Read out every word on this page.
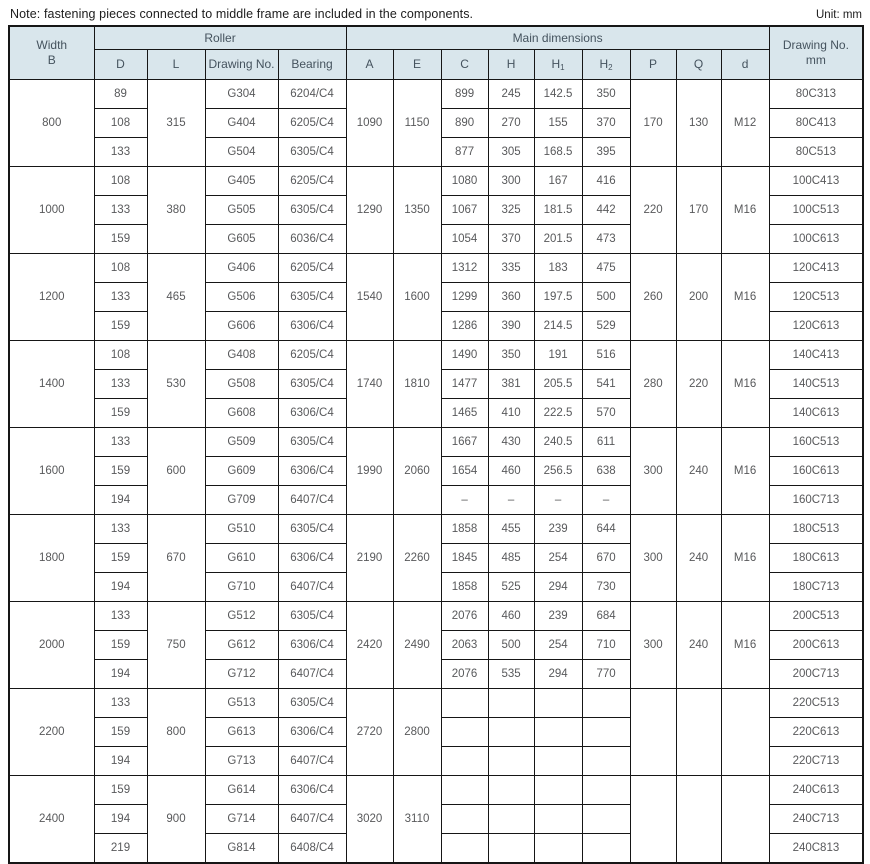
Note: fastening pieces connected to middle frame are included in the components.	Unit: mm
Width
B	Roller				Main dimensions									Drawing No.
mm

	D	L	Drawing No.	Bearing	A	E	C	H	$H_1$	$H_2$	P	Q	d	
800	89	315	G304	6204/C4	1090	1150	899	245	142.5	350	170	130	M12	80C313
	108		G404	6205/C4			890	270	155	370				80C413
	133		G504	6305/C4			877	305	168.5	395				80C513
1000	108	380	G405	6205/C4	1290	1350	1080	300	167	416	220	170	M16	100C413
	133		G505	6305/C4			1067	325	181.5	442				100C513
	159		G605	6036/C4			1054	370	201.5	473				100C613
1200	108	465	G406	6205/C4	1540	1600	1312	335	183	475	260	200	M16	120C413
	133		G506	6305/C4			1299	360	197.5	500				120C513
	159		G606	6306/C4			1286	390	214.5	529				120C613
1400	108	530	G408	6205/C4	1740	1810	1490	350	191	516	280	220	M16	140C413
	133		G508	6305/C4			1477	381	205.5	541				140C513
	159		G608	6306/C4			1465	410	222.5	570				140C613
1600	133	600	G509	6305/C4	1990	2060	1667	430	240.5	611	300	240	M16	160C513
	159		G609	6306/C4			1654	460	256.5	638				160C613
	194		G709	6407/C4			–	–	–	–				160C713
1800	133	670	G510	6305/C4	2190	2260	1858	455	239	644	300	240	M16	180C513
	159		G610	6306/C4			1845	485	254	670				180C613
	194		G710	6407/C4			1858	525	294	730				180C713
2000	133	750	G512	6305/C4	2420	2490	2076	460	239	684	300	240	M16	200C513
	159		G612	6306/C4			2063	500	254	710				200C613
	194		G712	6407/C4			2076	535	294	770				200C713
2200	133	800	G513	6305/C4	2720	2800								220C513
	159		G613	6306/C4										220C613
	194		G713	6407/C4										220C713
2400	159	900	G614	6306/C4	3020	3110								240C613
	194		G714	6407/C4										240C713
	219		G814	6408/C4										240C813
